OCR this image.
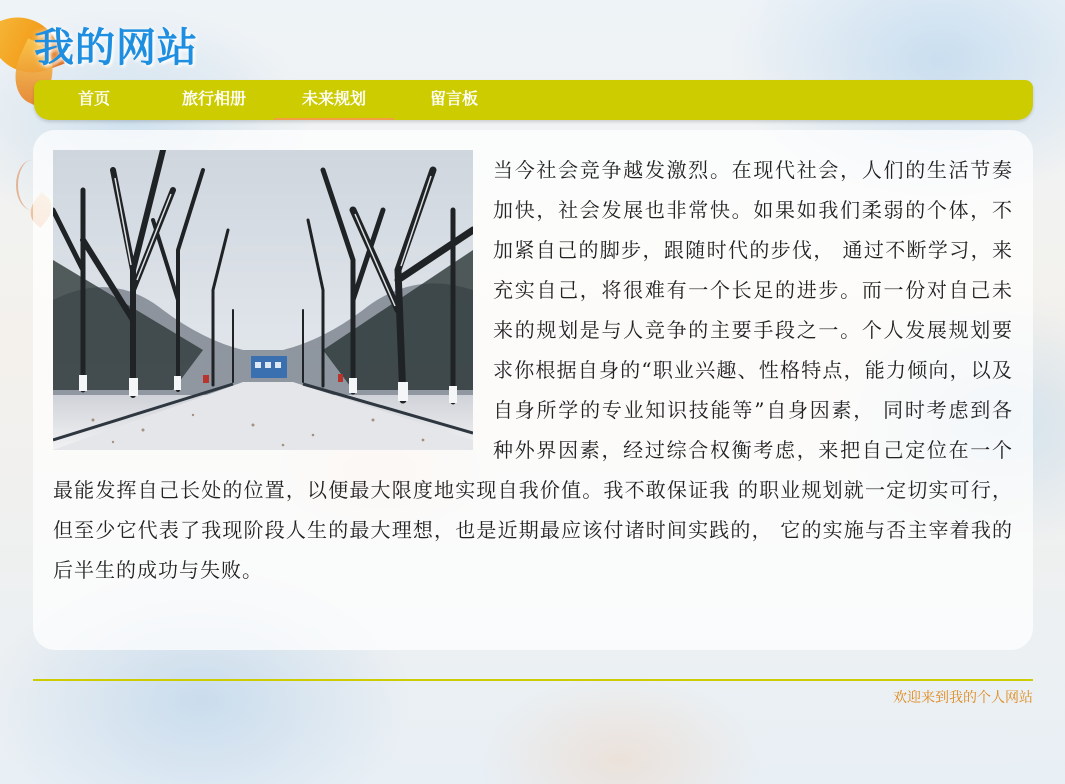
我的网站
首页	旅行相册	未来规划	留言板

当今社会竞争越发激烈。在现代社会，人们的生活节奏加快，社会发展也非常快。如果如我们柔弱的个体，不加紧自己的脚步，跟随时代的步伐， 通过不断学习，来充实自己，将很难有一个长足的进步。而一份对自己未来的规划是与人竞争的主要手段之一。个人发展规划要求你根据自身的“职业兴趣、性格特点，能力倾向，以及自身所学的专业知识技能等”自身因素， 同时考虑到各种外界因素，经过综合权衡考虑，来把自己定位在一个最能发挥自己长处的位置，以便最大限度地实现自我价值。我不敢保证我 的职业规划就一定切实可行，但至少它代表了我现阶段人生的最大理想，也是近期最应该付诸时间实践的， 它的实施与否主宰着我的后半生的成功与失败。

欢迎来到我的个人网站
